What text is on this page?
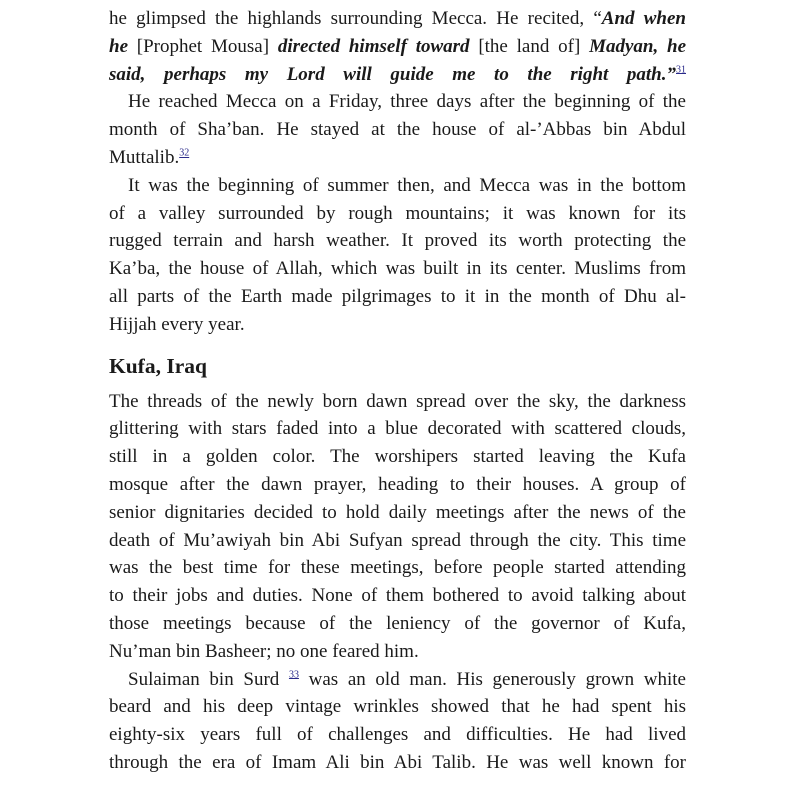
he glimpsed the highlands surrounding Mecca. He recited, “And when
he [Prophet Mousa] directed himself toward [the land of] Madyan, he
said, perhaps my Lord will guide me to the right path.”$^{31}$
He reached Mecca on a Friday, three days after the beginning of the
month of Sha’ban. He stayed at the house of al-’Abbas bin Abdul
Muttalib.$^{32}$
It was the beginning of summer then, and Mecca was in the bottom
of a valley surrounded by rough mountains; it was known for its
rugged terrain and harsh weather. It proved its worth protecting the
Ka’ba, the house of Allah, which was built in its center. Muslims from
all parts of the Earth made pilgrimages to it in the month of Dhu al-
Hijjah every year.
Kufa, Iraq
The threads of the newly born dawn spread over the sky, the darkness
glittering with stars faded into a blue decorated with scattered clouds,
still in a golden color. The worshipers started leaving the Kufa
mosque after the dawn prayer, heading to their houses. A group of
senior dignitaries decided to hold daily meetings after the news of the
death of Mu’awiyah bin Abi Sufyan spread through the city. This time
was the best time for these meetings, before people started attending
to their jobs and duties. None of them bothered to avoid talking about
those meetings because of the leniency of the governor of Kufa,
Nu’man bin Basheer; no one feared him.
Sulaiman bin Surd $^{33}$ was an old man. His generously grown white
beard and his deep vintage wrinkles showed that he had spent his
eighty-six years full of challenges and difficulties. He had lived
through the era of Imam Ali bin Abi Talib. He was well known for
